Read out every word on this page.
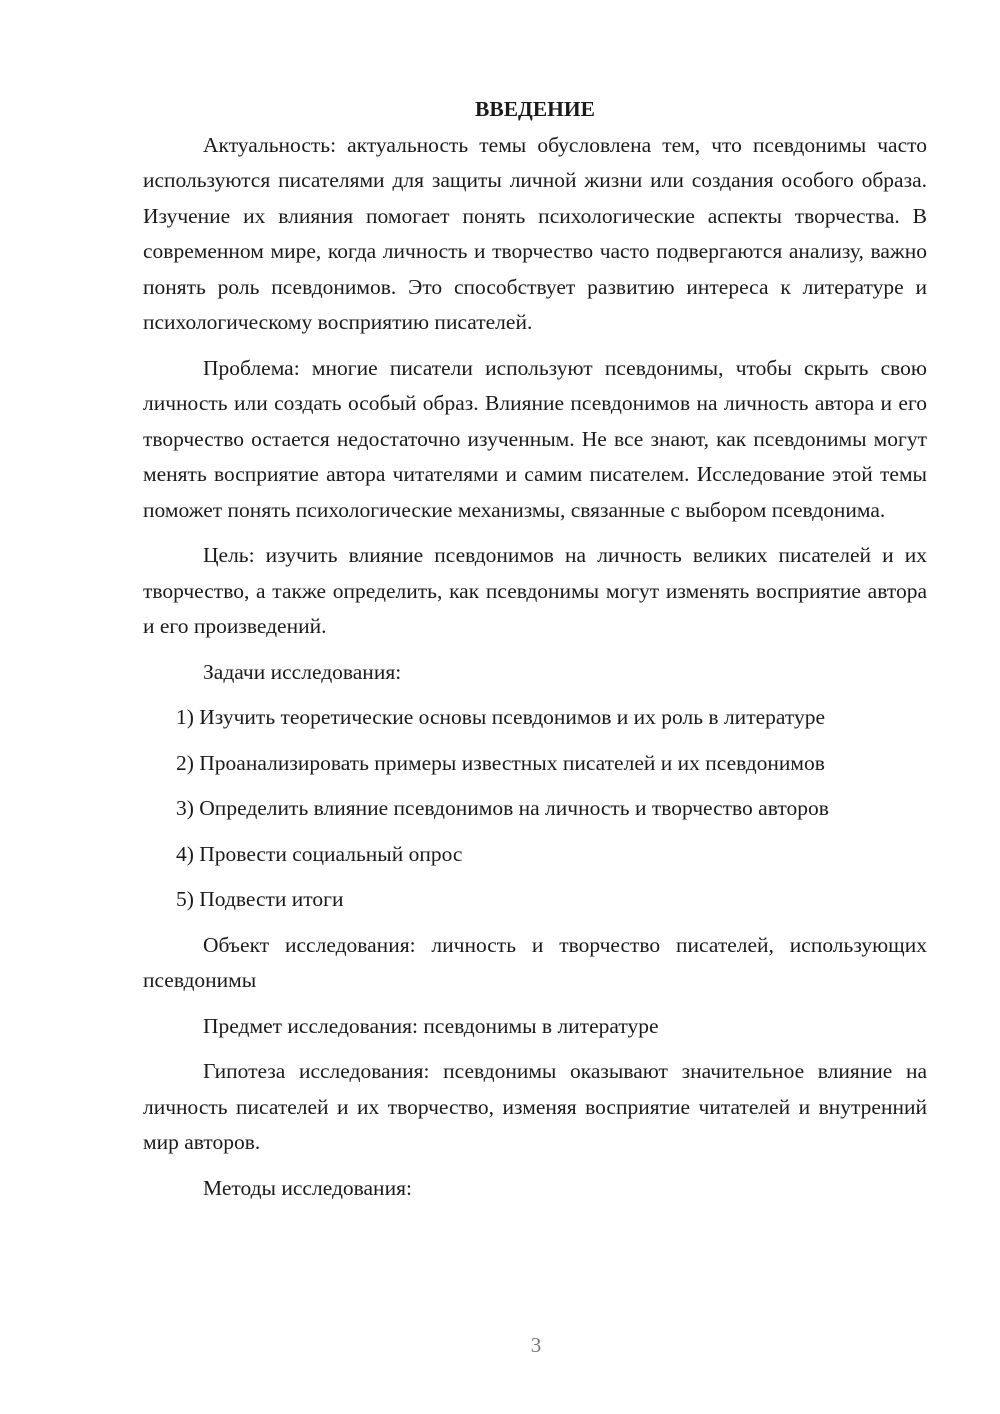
ВВЕДЕНИЕ

Актуальность: актуальность темы обусловлена тем, что псевдонимы часто используются писателями для защиты личной жизни или создания особого образа. Изучение их влияния помогает понять психологические аспекты творчества. В современном мире, когда личность и творчество часто подвергаются анализу, важно понять роль псевдонимов. Это способствует развитию интереса к литературе и психологическому восприятию писателей.

Проблема: многие писатели используют псевдонимы, чтобы скрыть свою личность или создать особый образ. Влияние псевдонимов на личность автора и его творчество остается недостаточно изученным. Не все знают, как псевдонимы могут менять восприятие автора читателями и самим писателем. Исследование этой темы поможет понять психологические механизмы, связанные с выбором псевдонима.

Цель: изучить влияние псевдонимов на личность великих писателей и их творчество, а также определить, как псевдонимы могут изменять восприятие автора и его произведений.

Задачи исследования:

1) Изучить теоретические основы псевдонимов и их роль в литературе
2) Проанализировать примеры известных писателей и их псевдонимов
3) Определить влияние псевдонимов на личность и творчество авторов
4) Провести социальный опрос
5) Подвести итоги

Объект исследования: личность и творчество писателей, использующих псевдонимы

Предмет исследования: псевдонимы в литературе

Гипотеза исследования: псевдонимы оказывают значительное влияние на личность писателей и их творчество, изменяя восприятие читателей и внутренний мир авторов.

Методы исследования:

3
